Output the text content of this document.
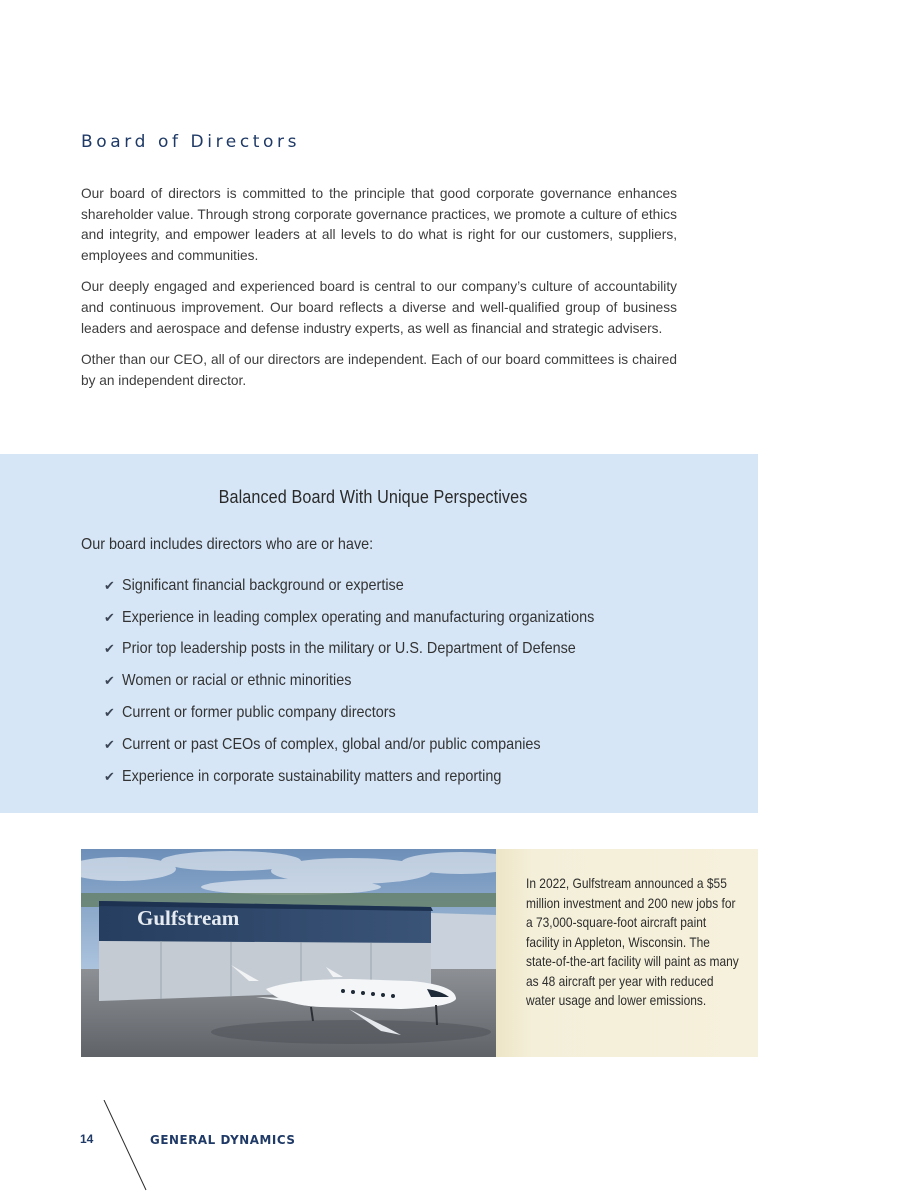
Board of Directors

Our board of directors is committed to the principle that good corporate governance enhances shareholder value. Through strong corporate governance practices, we promote a culture of ethics and integrity, and empower leaders at all levels to do what is right for our customers, suppliers, employees and communities.

Our deeply engaged and experienced board is central to our company’s culture of accountability and continuous improvement. Our board reflects a diverse and well-qualified group of business leaders and aerospace and defense industry experts, as well as financial and strategic advisers.

Other than our CEO, all of our directors are independent. Each of our board committees is chaired by an independent director.

Balanced Board With Unique Perspectives

Our board includes directors who are or have:

✔ Significant financial background or expertise
✔ Experience in leading complex operating and manufacturing organizations
✔ Prior top leadership posts in the military or U.S. Department of Defense
✔ Women or racial or ethnic minorities
✔ Current or former public company directors
✔ Current or past CEOs of complex, global and/or public companies
✔ Experience in corporate sustainability matters and reporting
Gulfstream

In 2022, Gulfstream announced a $55 million investment and 200 new jobs for a 73,000-square-foot aircraft paint facility in Appleton, Wisconsin. The state-of-the-art facility will paint as many as 48 aircraft per year with reduced water usage and lower emissions.

14	GENERAL DYNAMICS
